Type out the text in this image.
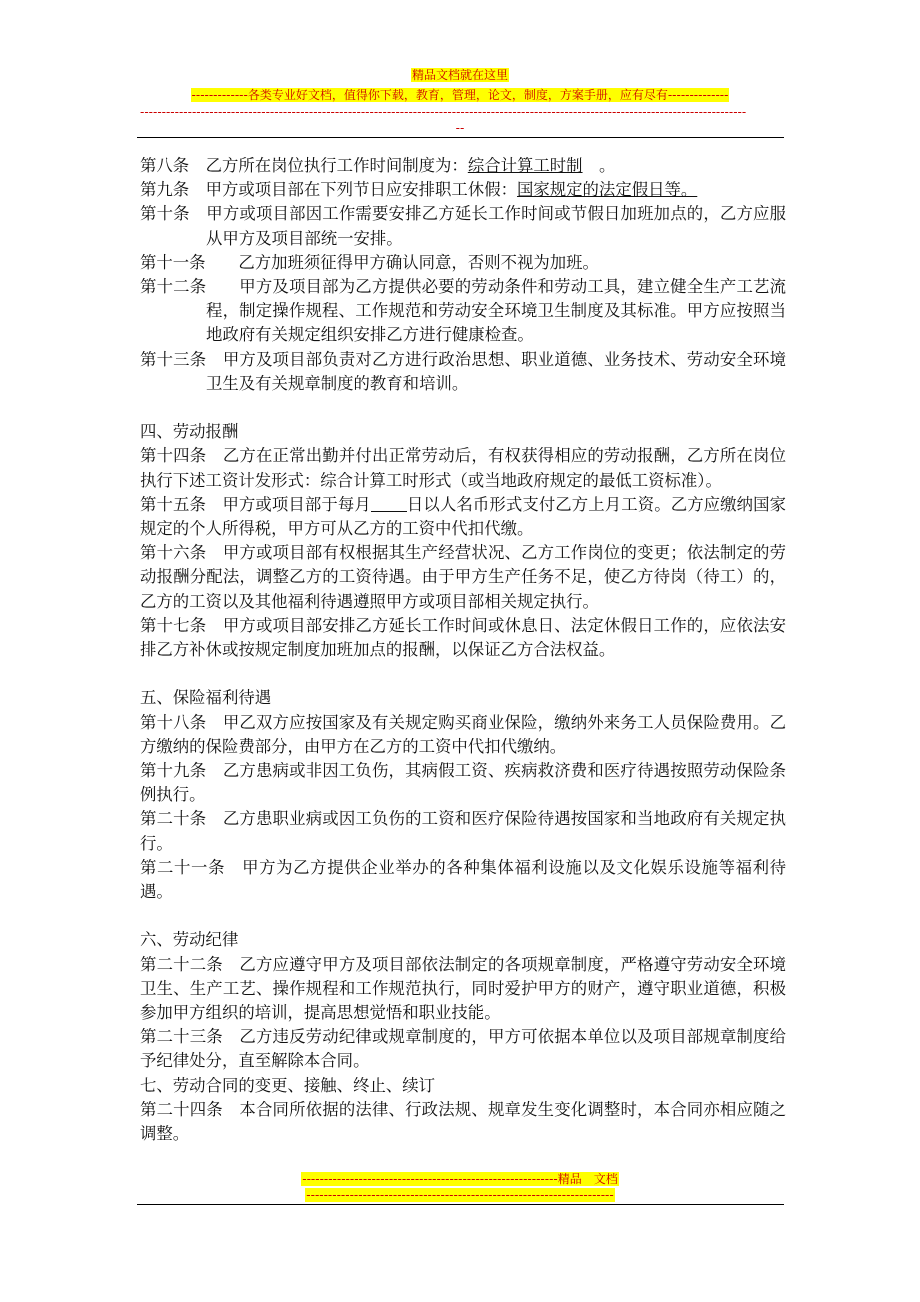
精品文档就在这里
-------------各类专业好文档，值得你下载，教育，管理，论文，制度，方案手册，应有尽有--------------
--------------------------------------------------------------------------------------------------------------------------------------------
--

第八条 乙方所在岗位执行工作时间制度为：综合计算工时制 。

第九条 甲方或项目部在下列节日应安排职工休假：国家规定的法定假日等。

第十条 甲方或项目部因工作需要安排乙方延长工作时间或节假日加班加点的，乙方应服从甲方及项目部统一安排。

第十一条 乙方加班须征得甲方确认同意，否则不视为加班。

第十二条 甲方及项目部为乙方提供必要的劳动条件和劳动工具，建立健全生产工艺流程，制定操作规程、工作规范和劳动安全环境卫生制度及其标准。甲方应按照当地政府有关规定组织安排乙方进行健康检查。

第十三条 甲方及项目部负责对乙方进行政治思想、职业道德、业务技术、劳动安全环境卫生及有关规章制度的教育和培训。

四、劳动报酬

第十四条 乙方在正常出勤并付出正常劳动后，有权获得相应的劳动报酬，乙方所在岗位执行下述工资计发形式：综合计算工时形式（或当地政府规定的最低工资标准）。

第十五条 甲方或项目部于每月 日以人名币形式支付乙方上月工资。乙方应缴纳国家规定的个人所得税，甲方可从乙方的工资中代扣代缴。

第十六条 甲方或项目部有权根据其生产经营状况、乙方工作岗位的变更；依法制定的劳动报酬分配法，调整乙方的工资待遇。由于甲方生产任务不足，使乙方待岗（待工）的，乙方的工资以及其他福利待遇遵照甲方或项目部相关规定执行。

第十七条 甲方或项目部安排乙方延长工作时间或休息日、法定休假日工作的，应依法安排乙方补休或按规定制度加班加点的报酬，以保证乙方合法权益。

五、保险福利待遇

第十八条 甲乙双方应按国家及有关规定购买商业保险，缴纳外来务工人员保险费用。乙方缴纳的保险费部分，由甲方在乙方的工资中代扣代缴纳。

第十九条 乙方患病或非因工负伤，其病假工资、疾病救济费和医疗待遇按照劳动保险条例执行。

第二十条 乙方患职业病或因工负伤的工资和医疗保险待遇按国家和当地政府有关规定执行。

第二十一条 甲方为乙方提供企业举办的各种集体福利设施以及文化娱乐设施等福利待遇。

六、劳动纪律

第二十二条 乙方应遵守甲方及项目部依法制定的各项规章制度，严格遵守劳动安全环境卫生、生产工艺、操作规程和工作规范执行，同时爱护甲方的财产，遵守职业道德，积极参加甲方组织的培训，提高思想觉悟和职业技能。

第二十三条 乙方违反劳动纪律或规章制度的，甲方可依据本单位以及项目部规章制度给予纪律处分，直至解除本合同。

七、劳动合同的变更、接触、终止、续订

第二十四条 本合同所依据的法律、行政法规、规章发生变化调整时，本合同亦相应随之调整。

-----------------------------------------------------------精品　文档
-----------------------------------------------------------------------
